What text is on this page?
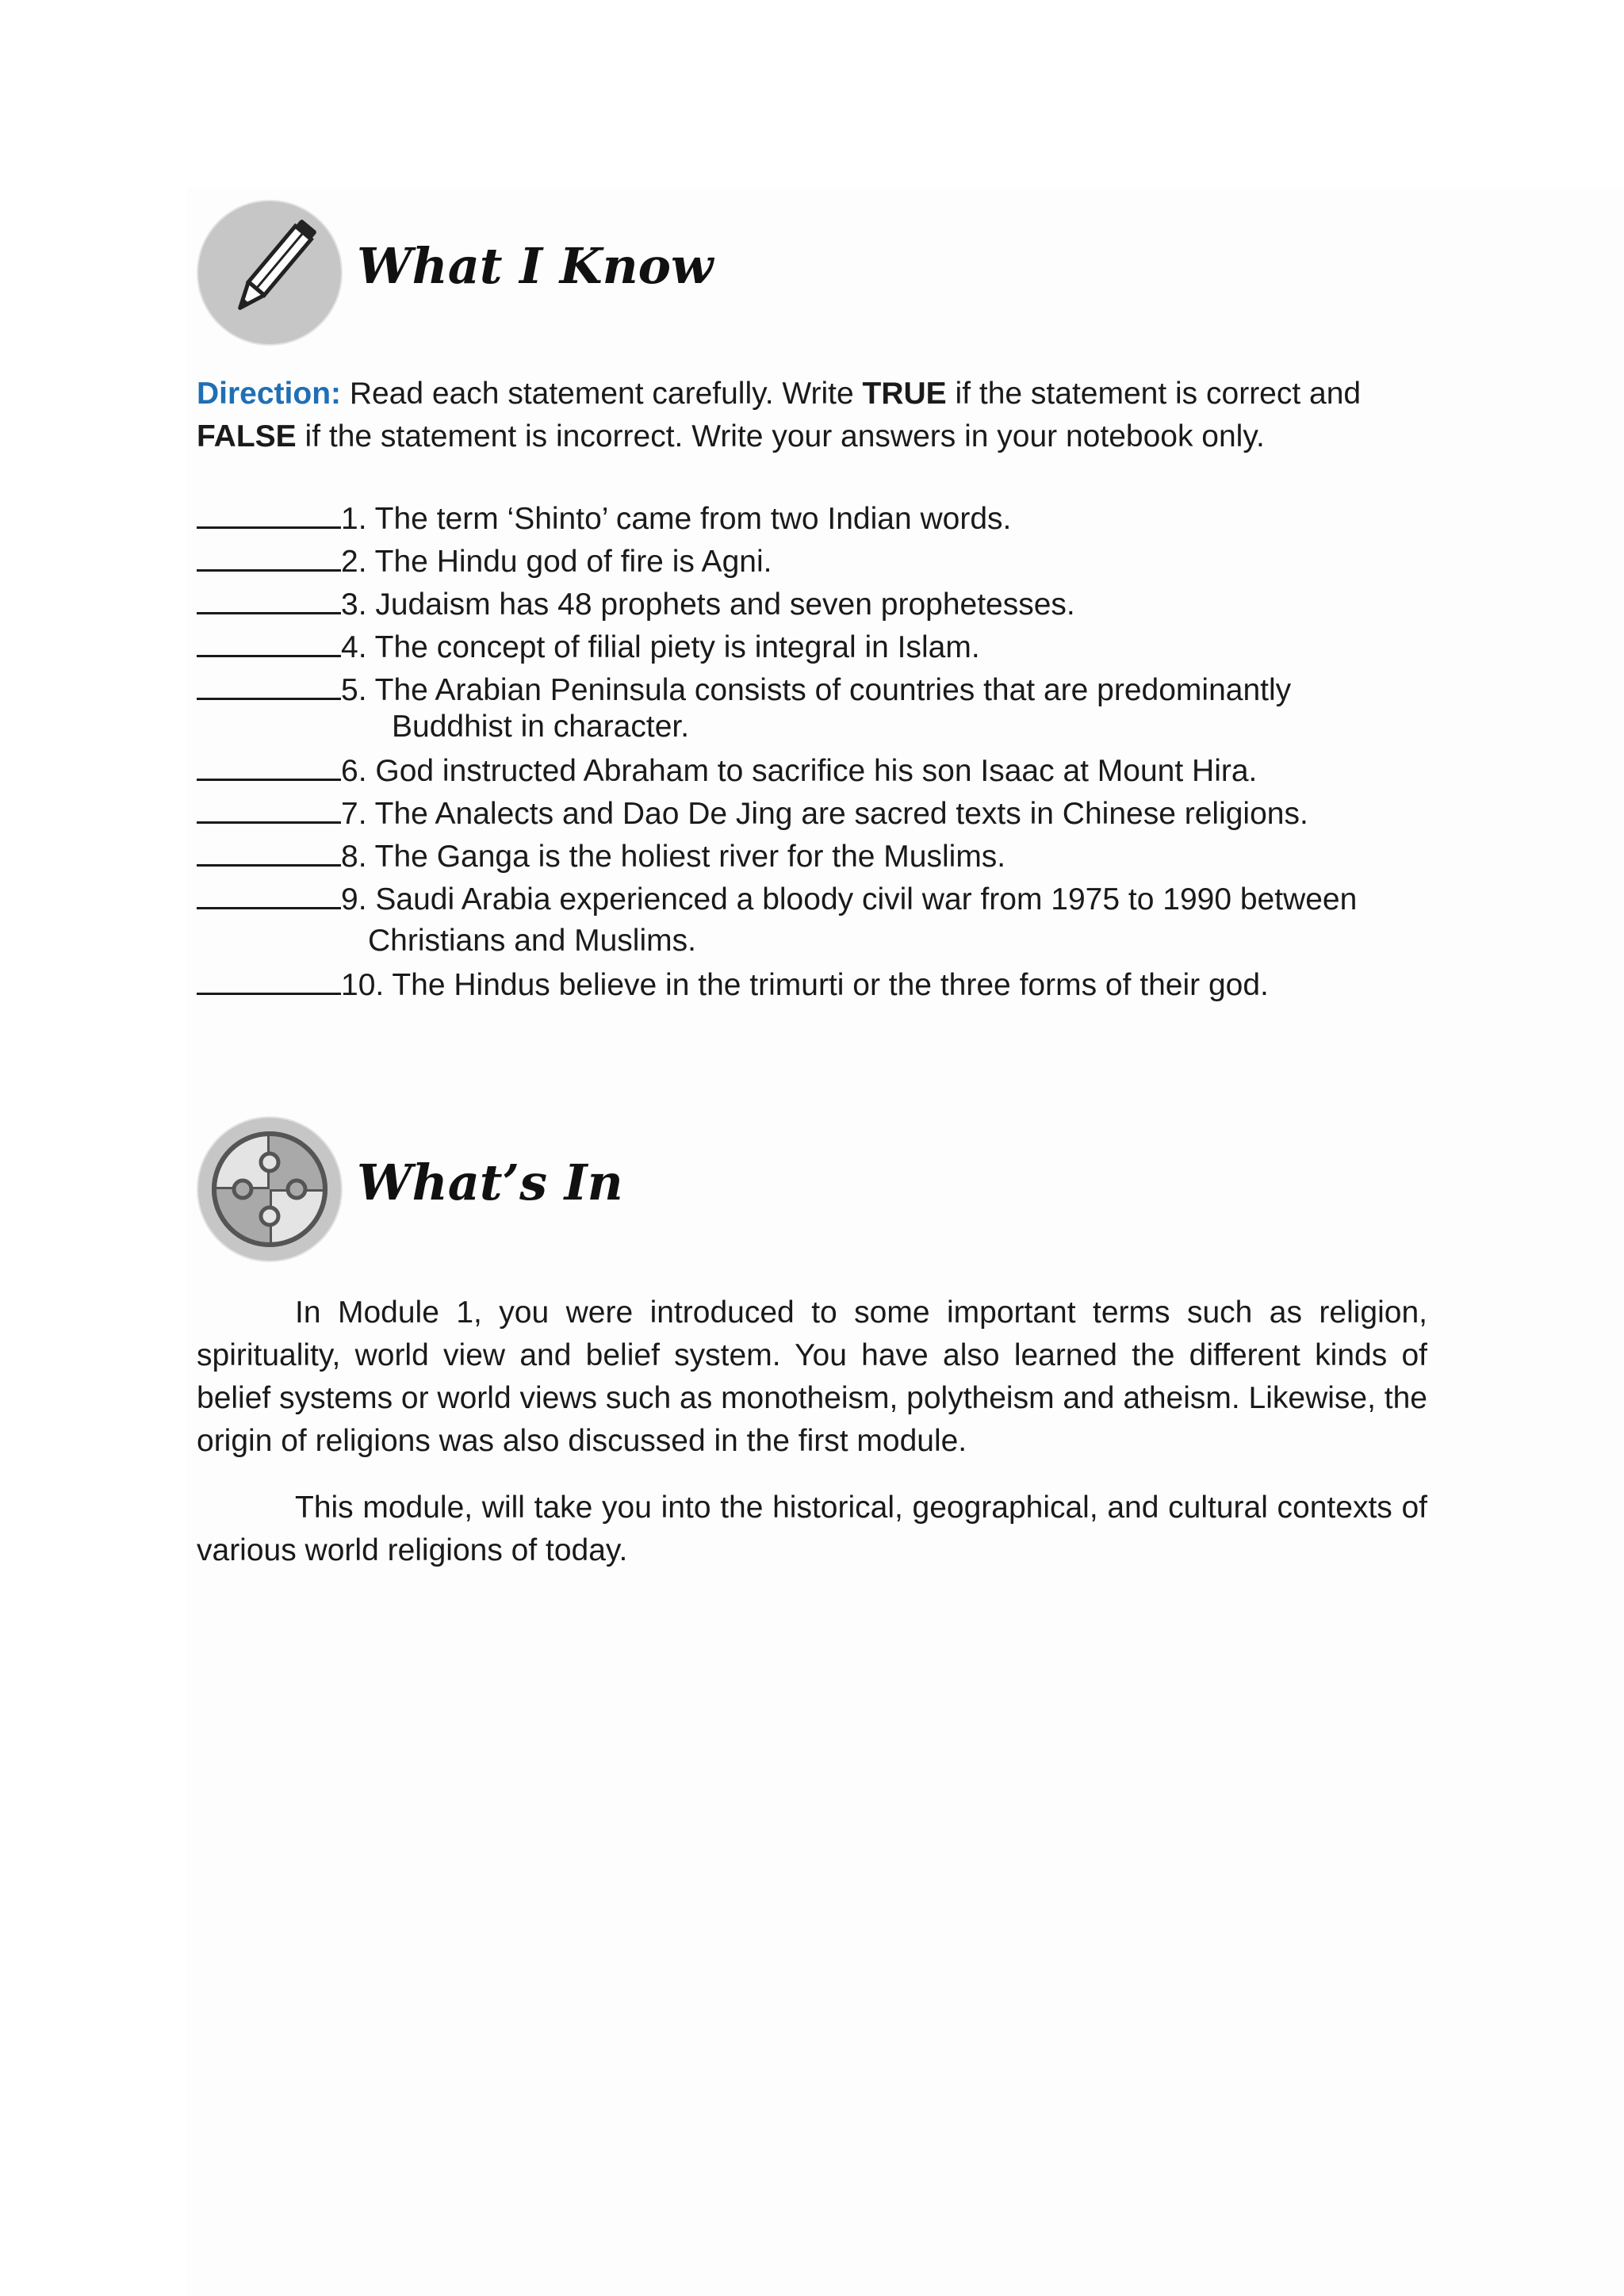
What I Know

Direction: Read each statement carefully. Write TRUE if the statement is correct and FALSE if the statement is incorrect. Write your answers in your notebook only.

1. The term ‘Shinto’ came from two Indian words.
2. The Hindu god of fire is Agni.
3. Judaism has 48 prophets and seven prophetesses.
4. The concept of filial piety is integral in Islam.
5. The Arabian Peninsula consists of countries that are predominantly
Buddhist in character.
6. God instructed Abraham to sacrifice his son Isaac at Mount Hira.
7. The Analects and Dao De Jing are sacred texts in Chinese religions.
8. The Ganga is the holiest river for the Muslims.
9. Saudi Arabia experienced a bloody civil war from 1975 to 1990 between
Christians and Muslims.
10. The Hindus believe in the trimurti or the three forms of their god.
What’s In

In Module 1, you were introduced to some important terms such as religion, spirituality, world view and belief system. You have also learned the different kinds of belief systems or world views such as monotheism, polytheism and atheism. Likewise, the origin of religions was also discussed in the first module.

This module, will take you into the historical, geographical, and cultural contexts of various world religions of today.
